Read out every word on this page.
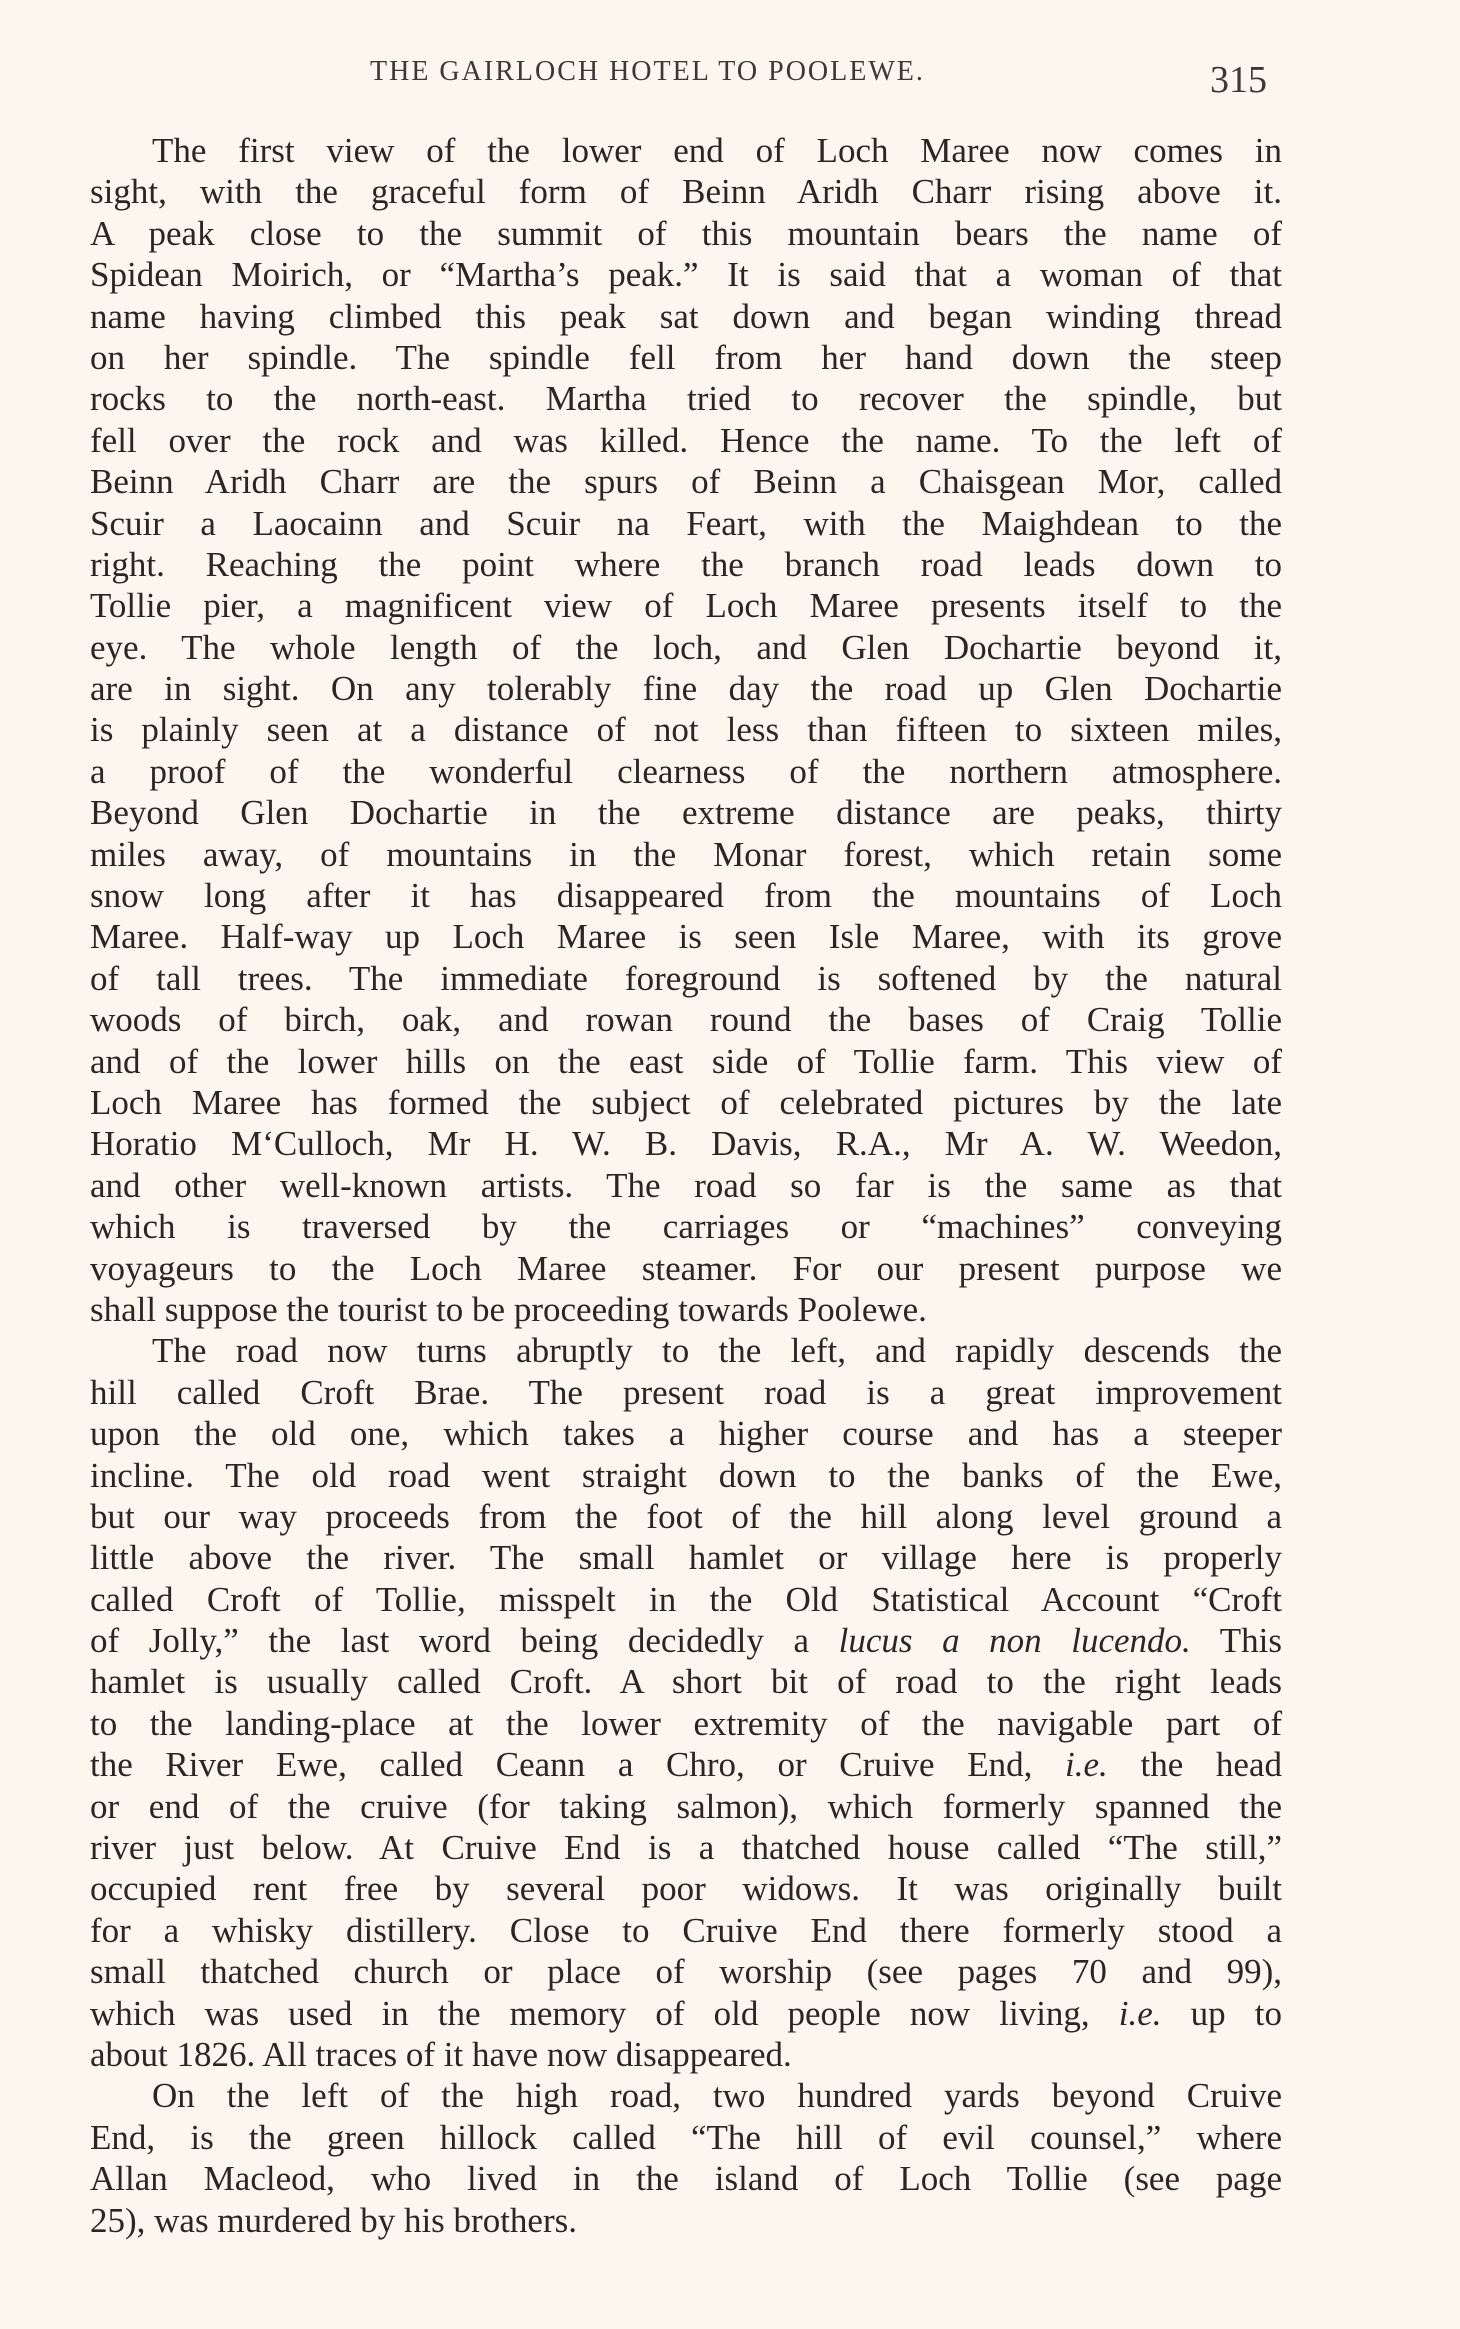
THE GAIRLOCH HOTEL TO POOLEWE.	315
The first view of the lower end of Loch Maree now comes in
sight, with the graceful form of Beinn Aridh Charr rising above it.
A peak close to the summit of this mountain bears the name of
Spidean Moirich, or “Martha’s peak.” It is said that a woman of that
name having climbed this peak sat down and began winding thread
on her spindle. The spindle fell from her hand down the steep
rocks to the north-east. Martha tried to recover the spindle, but
fell over the rock and was killed. Hence the name. To the left of
Beinn Aridh Charr are the spurs of Beinn a Chaisgean Mor, called
Scuir a Laocainn and Scuir na Feart, with the Maighdean to the
right. Reaching the point where the branch road leads down to
Tollie pier, a magnificent view of Loch Maree presents itself to the
eye. The whole length of the loch, and Glen Dochartie beyond it,
are in sight. On any tolerably fine day the road up Glen Dochartie
is plainly seen at a distance of not less than fifteen to sixteen miles,
a proof of the wonderful clearness of the northern atmosphere.
Beyond Glen Dochartie in the extreme distance are peaks, thirty
miles away, of mountains in the Monar forest, which retain some
snow long after it has disappeared from the mountains of Loch
Maree. Half-way up Loch Maree is seen Isle Maree, with its grove
of tall trees. The immediate foreground is softened by the natural
woods of birch, oak, and rowan round the bases of Craig Tollie
and of the lower hills on the east side of Tollie farm. This view of
Loch Maree has formed the subject of celebrated pictures by the late
Horatio M‘Culloch, Mr H. W. B. Davis, R.A., Mr A. W. Weedon,
and other well-known artists. The road so far is the same as that
which is traversed by the carriages or “machines” conveying
voyageurs to the Loch Maree steamer. For our present purpose we
shall suppose the tourist to be proceeding towards Poolewe.
The road now turns abruptly to the left, and rapidly descends the
hill called Croft Brae. The present road is a great improvement
upon the old one, which takes a higher course and has a steeper
incline. The old road went straight down to the banks of the Ewe,
but our way proceeds from the foot of the hill along level ground a
little above the river. The small hamlet or village here is properly
called Croft of Tollie, misspelt in the Old Statistical Account “Croft
of Jolly,” the last word being decidedly a lucus a non lucendo. This
hamlet is usually called Croft. A short bit of road to the right leads
to the landing-place at the lower extremity of the navigable part of
the River Ewe, called Ceann a Chro, or Cruive End, i.e. the head
or end of the cruive (for taking salmon), which formerly spanned the
river just below. At Cruive End is a thatched house called “The still,”
occupied rent free by several poor widows. It was originally built
for a whisky distillery. Close to Cruive End there formerly stood a
small thatched church or place of worship (see pages 70 and 99),
which was used in the memory of old people now living, i.e. up to
about 1826. All traces of it have now disappeared.
On the left of the high road, two hundred yards beyond Cruive
End, is the green hillock called “The hill of evil counsel,” where
Allan Macleod, who lived in the island of Loch Tollie (see page
25), was murdered by his brothers.
